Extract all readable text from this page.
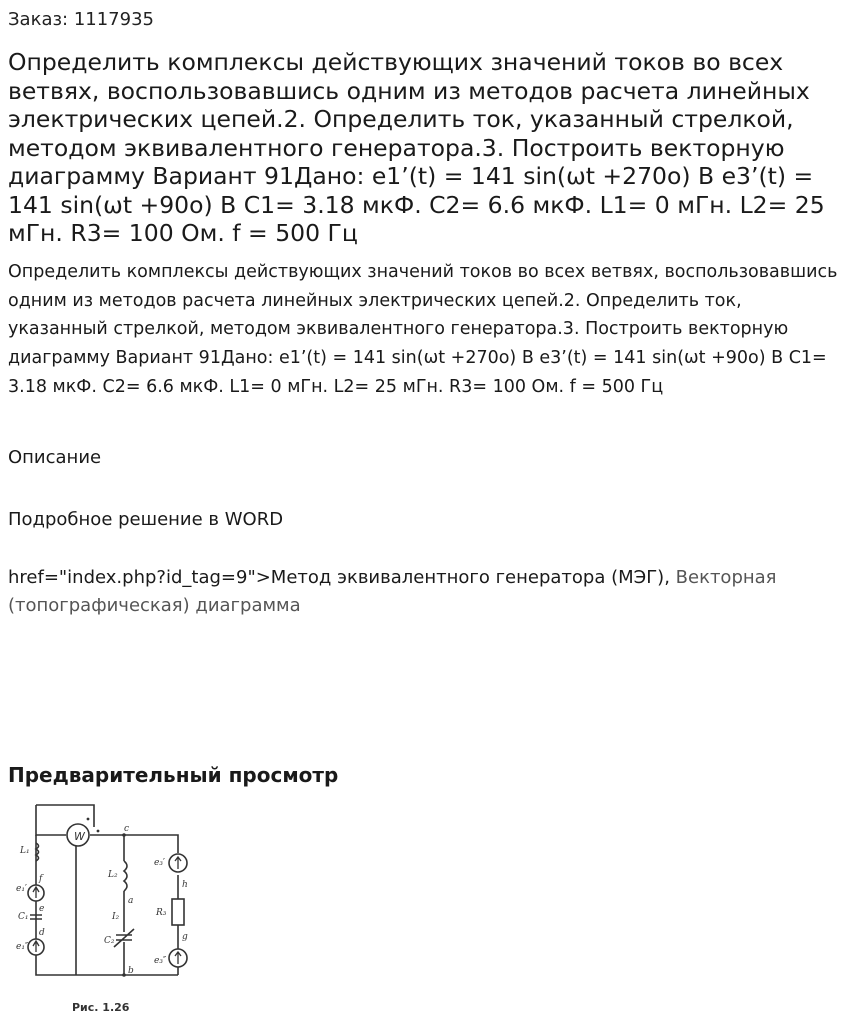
Заказ: 1117935
Определить комплексы действующих значений токов во всех ветвях, воспользовавшись одним из методов расчета линейных электрических цепей.2. Определить ток, указанный стрелкой, методом эквивалентного генератора.3. Построить векторную диаграмму Вариант 91Дано: e1’(t) = 141 sin(ωt +270o) В e3’(t) = 141 sin(ωt +90o) В C1= 3.18 мкФ. C2= 6.6 мкФ. L1= 0 мГн. L2= 25 мГн. R3= 100 Ом. f = 500 Гц

Определить комплексы действующих значений токов во всех ветвях, воспользовавшись одним из методов расчета линейных электрических цепей.2. Определить ток, указанный стрелкой, методом эквивалентного генератора.3. Построить векторную диаграмму Вариант 91Дано: e1’(t) = 141 sin(ωt +270o) В e3’(t) = 141 sin(ωt +90o) В C1= 3.18 мкФ. C2= 6.6 мкФ. L1= 0 мГн. L2= 25 мГн. R3= 100 Ом. f = 500 Гц

Описание
Подробное решение в WORD
href="index.php?id_tag=9">Метод эквивалентного генератора (МЭГ), Векторная (топографическая) диаграмма
Предварительный просмотр
W
c
a
b
h
g
f
d
e
L₁
L₂
C₁
C₂
R₃
I₂
e₁′
e₁″
e₃′
e₃″
Рис. 1.26
